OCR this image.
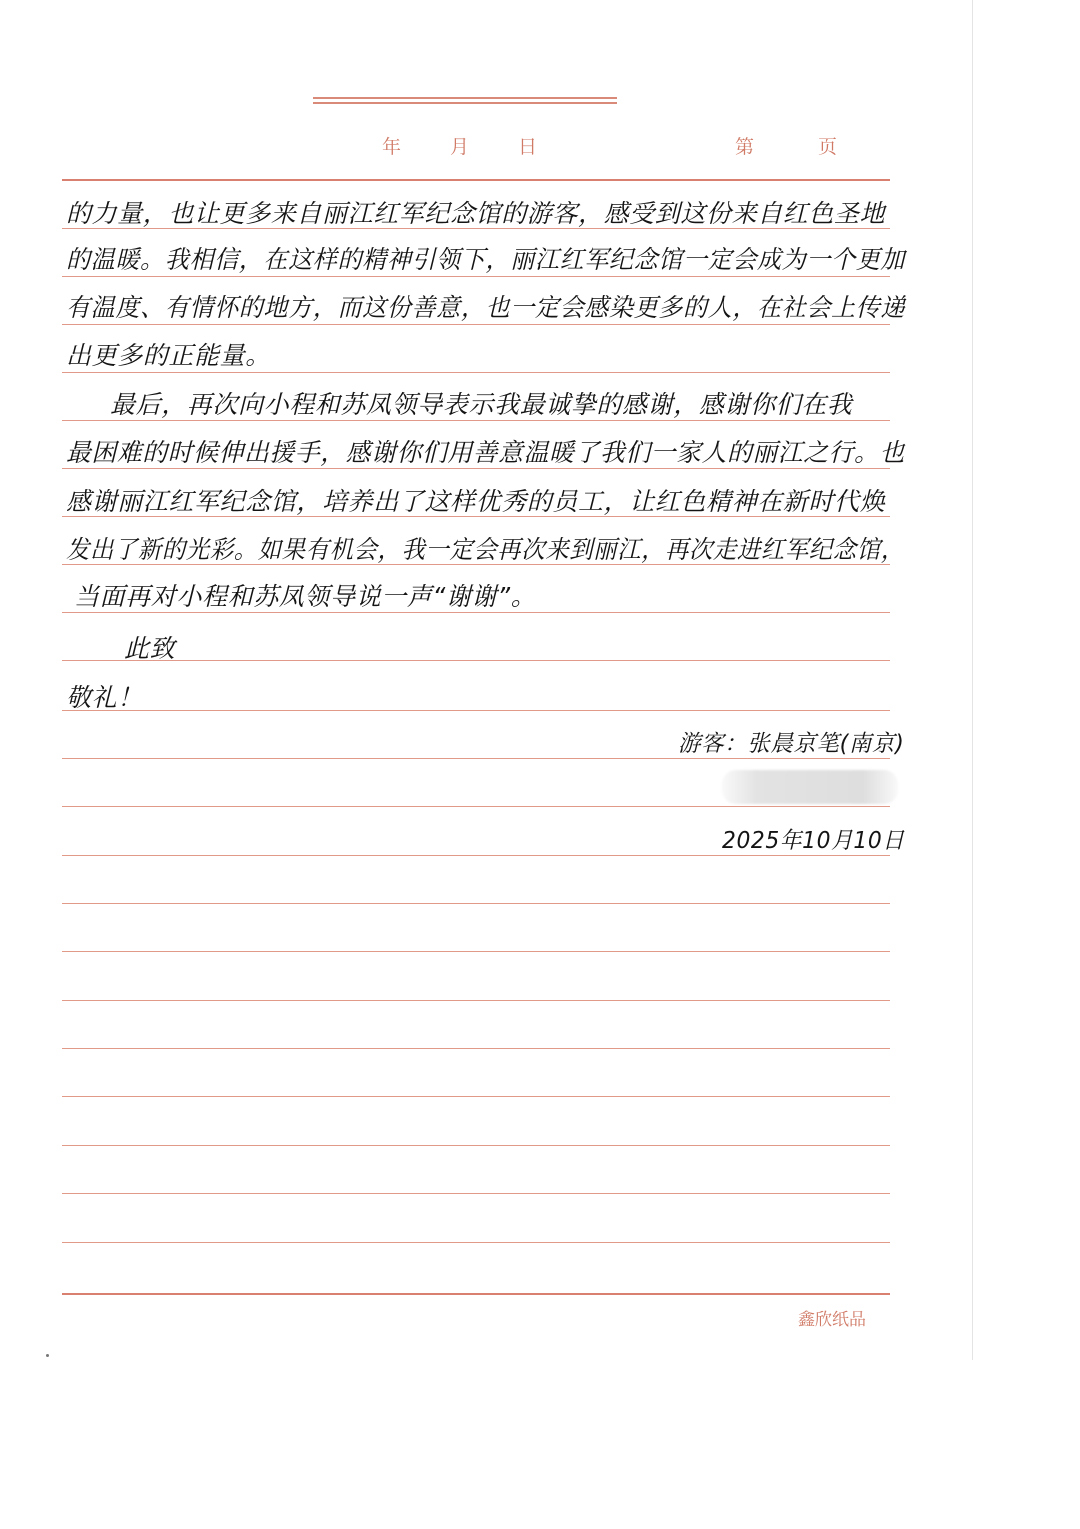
年	月	日	第	页
的力量，也让更多来自丽江红军纪念馆的游客，感受到这份来自红色圣地
的温暖。我相信，在这样的精神引领下，丽江红军纪念馆一定会成为一个更加
有温度、有情怀的地方，而这份善意，也一定会感染更多的人，在社会上传递
出更多的正能量。
最后，再次向小程和苏凤领导表示我最诚挚的感谢，感谢你们在我
最困难的时候伸出援手，感谢你们用善意温暖了我们一家人的丽江之行。也
感谢丽江红军纪念馆，培养出了这样优秀的员工，让红色精神在新时代焕
发出了新的光彩。如果有机会，我一定会再次来到丽江，再次走进红军纪念馆，
当面再对小程和苏凤领导说一声“谢谢”。
此致
敬礼！
游客：张晨京笔(南京)
2025年10月10日
鑫欣纸品
